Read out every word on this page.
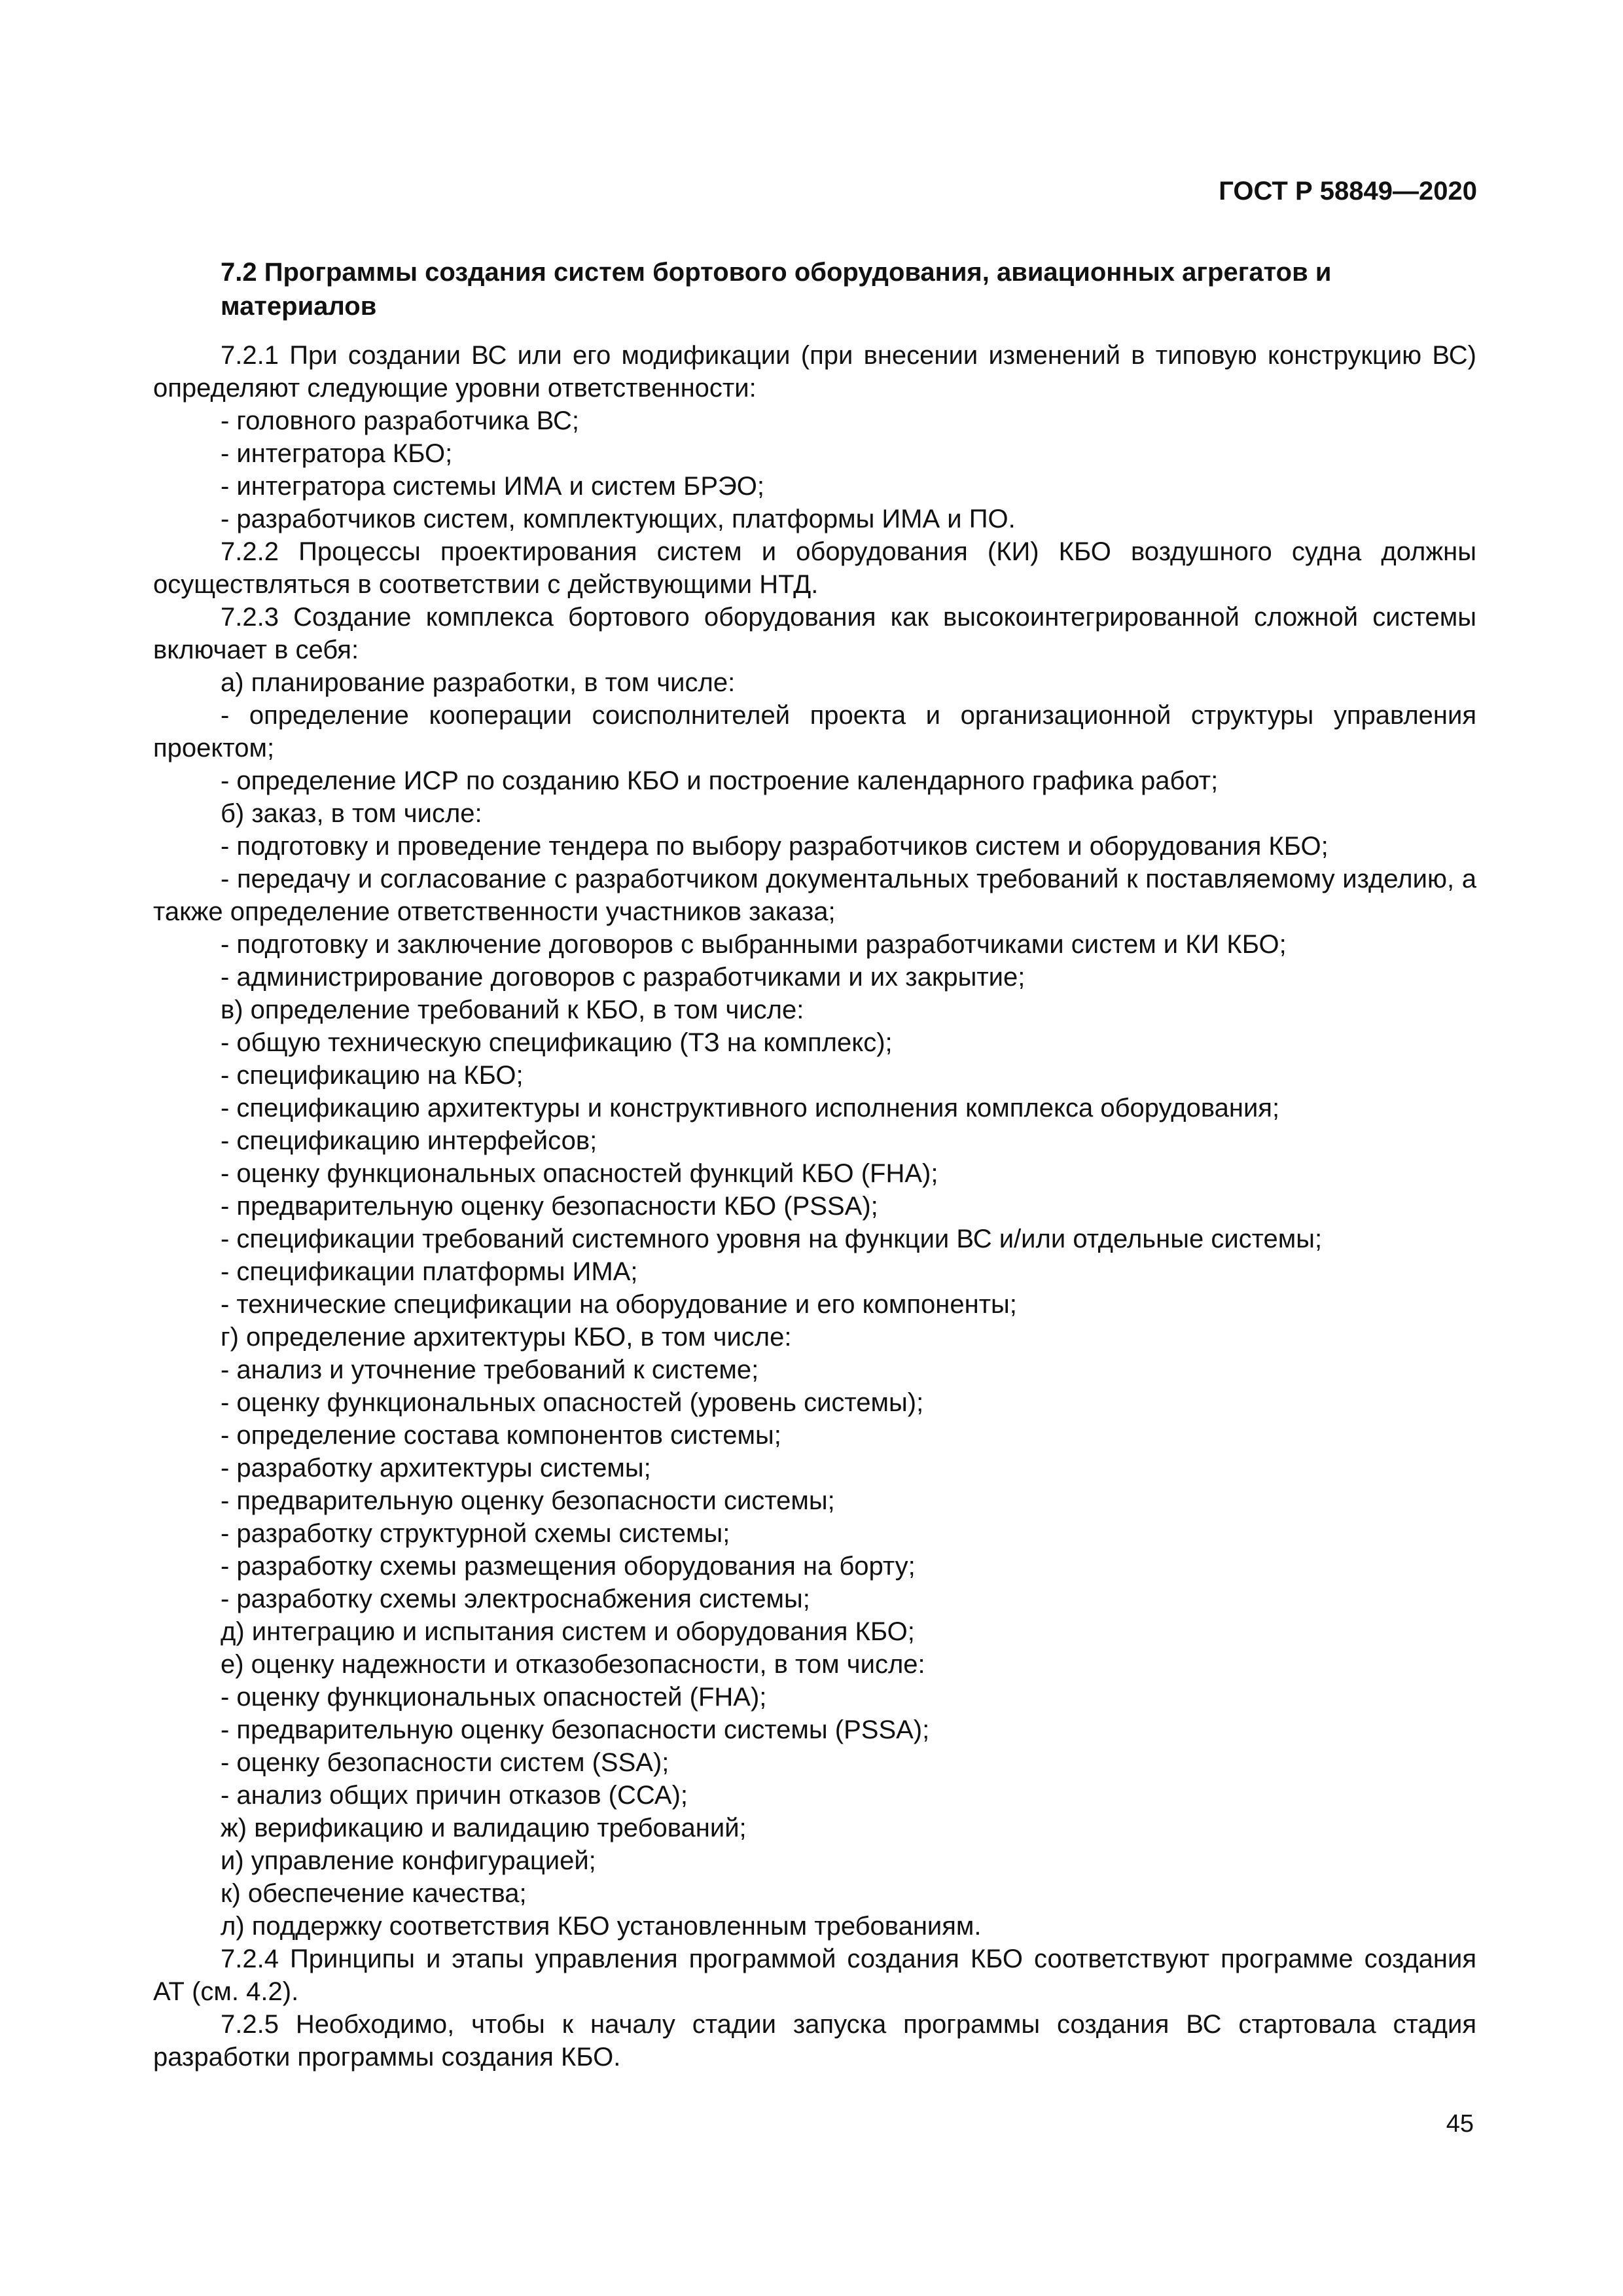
ГОСТ Р 58849—2020
7.2 Программы создания систем бортового оборудования, авиационных агрегатов и материалов

7.2.1 При создании ВС или его модификации (при внесении изменений в типовую конструкцию ВС) определяют следующие уровни ответственности:

- головного разработчика ВС;

- интегратора КБО;

- интегратора системы ИМА и систем БРЭО;

- разработчиков систем, комплектующих, платформы ИМА и ПО.

7.2.2 Процессы проектирования систем и оборудования (КИ) КБО воздушного судна должны осуществляться в соответствии с действующими НТД.

7.2.3 Создание комплекса бортового оборудования как высокоинтегрированной сложной системы включает в себя:

а) планирование разработки, в том числе:

- определение кооперации соисполнителей проекта и организационной структуры управления проектом;

- определение ИСР по созданию КБО и построение календарного графика работ;

б) заказ, в том числе:

- подготовку и проведение тендера по выбору разработчиков систем и оборудования КБО;

- передачу и согласование с разработчиком документальных требований к поставляемому изделию, а также определение ответственности участников заказа;

- подготовку и заключение договоров с выбранными разработчиками систем и КИ КБО;

- администрирование договоров с разработчиками и их закрытие;

в) определение требований к КБО, в том числе:

- общую техническую спецификацию (ТЗ на комплекс);

- спецификацию на КБО;

- спецификацию архитектуры и конструктивного исполнения комплекса оборудования;

- спецификацию интерфейсов;

- оценку функциональных опасностей функций КБО (FHA);

- предварительную оценку безопасности КБО (PSSA);

- спецификации требований системного уровня на функции ВС и/или отдельные системы;

- спецификации платформы ИМА;

- технические спецификации на оборудование и его компоненты;

г) определение архитектуры КБО, в том числе:

- анализ и уточнение требований к системе;

- оценку функциональных опасностей (уровень системы);

- определение состава компонентов системы;

- разработку архитектуры системы;

- предварительную оценку безопасности системы;

- разработку структурной схемы системы;

- разработку схемы размещения оборудования на борту;

- разработку схемы электроснабжения системы;

д) интеграцию и испытания систем и оборудования КБО;

е) оценку надежности и отказобезопасности, в том числе:

- оценку функциональных опасностей (FHA);

- предварительную оценку безопасности системы (PSSA);

- оценку безопасности систем (SSA);

- анализ общих причин отказов (ССА);

ж) верификацию и валидацию требований;

и) управление конфигурацией;

к) обеспечение качества;

л) поддержку соответствия КБО установленным требованиям.

7.2.4 Принципы и этапы управления программой создания КБО соответствуют программе создания АТ (см. 4.2).

7.2.5 Необходимо, чтобы к началу стадии запуска программы создания ВС стартовала стадия разработки программы создания КБО.

45
